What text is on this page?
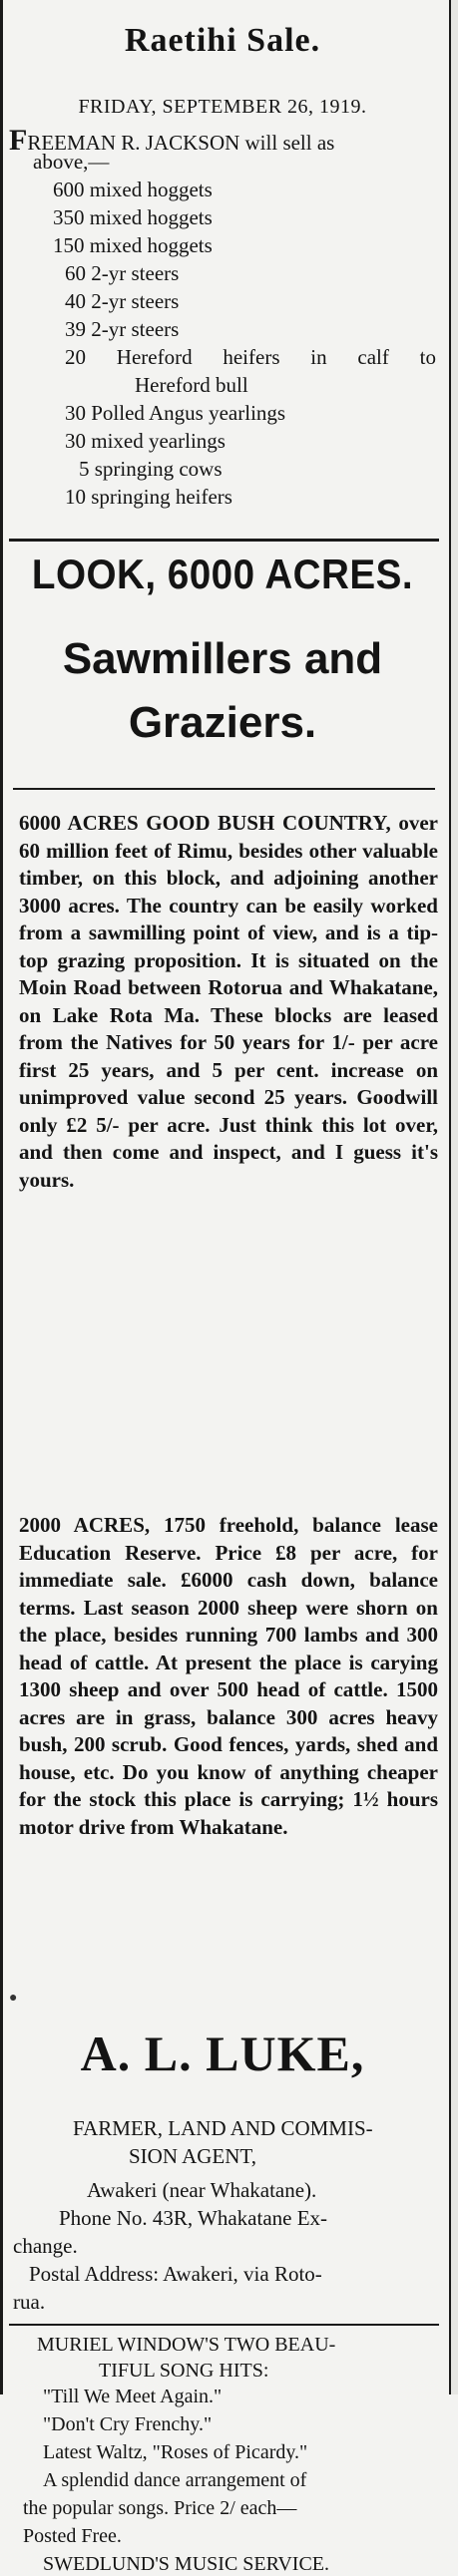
Raetihi Sale.
FRIDAY, SEPTEMBER 26, 1919.
FREEMAN R. JACKSON will sell as
above,—
600 mixed hoggets
350 mixed hoggets
150 mixed hoggets
60 2-yr steers
40 2-yr steers
39 2-yr steers
20 Hereford heifers in calf to
Hereford bull
30 Polled Angus yearlings
30 mixed yearlings
5 springing cows
10 springing heifers
LOOK, 6000 ACRES.
Sawmillers and
Graziers.
6000 ACRES GOOD BUSH COUNTRY, over 60 million feet of Rimu, besides other valuable timber, on this block, and adjoining another 3000 acres. The country can be easily worked from a sawmilling point of view, and is a tip-top grazing proposition. It is situated on the Moin Road between Rotorua and Whakatane, on Lake Rota Ma. These blocks are leased from the Natives for 50 years for 1/- per acre first 25 years, and 5 per cent. increase on unimproved value second 25 years. Goodwill only £2 5/- per acre. Just think this lot over, and then come and inspect, and I guess it's yours.
2000 ACRES, 1750 freehold, balance lease Education Reserve. Price £8 per acre, for immediate sale. £6000 cash down, balance terms. Last season 2000 sheep were shorn on the place, besides running 700 lambs and 300 head of cattle. At present the place is carying 1300 sheep and over 500 head of cattle. 1500 acres are in grass, balance 300 acres heavy bush, 200 scrub. Good fences, yards, shed and house, etc. Do you know of anything cheaper for the stock this place is carrying; 1½ hours motor drive from Whakatane.
●
A. L. LUKE,
FARMER, LAND AND COMMIS-
SION AGENT,
Awakeri (near Whakatane).
Phone No. 43R, Whakatane Ex-
change.
Postal Address: Awakeri, via Roto-
rua.
MURIEL WINDOW'S TWO BEAU-
TIFUL SONG HITS:
"Till We Meet Again."
"Don't Cry Frenchy."
Latest Waltz, "Roses of Picardy."
A splendid dance arrangement of
the popular songs. Price 2/ each—
Posted Free.
SWEDLUND'S MUSIC SERVICE.
